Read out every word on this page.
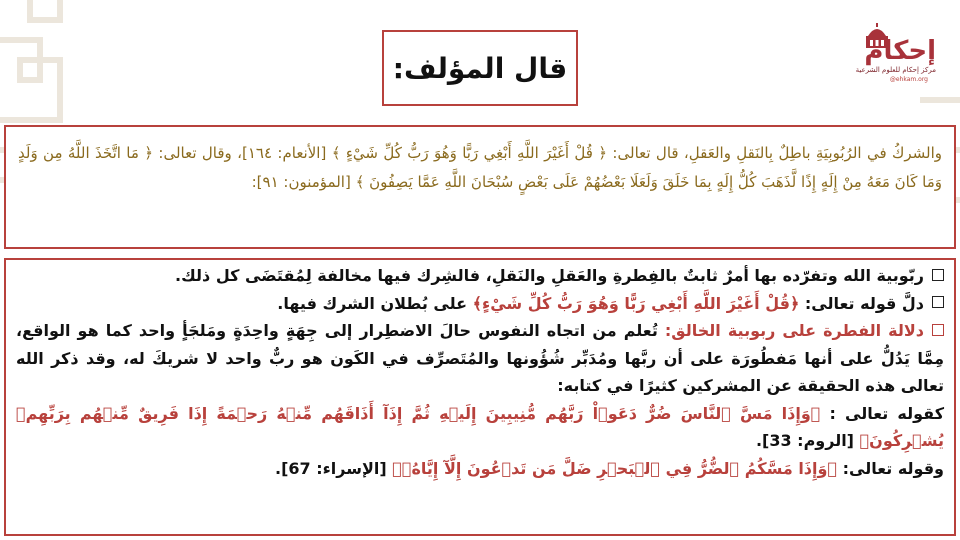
إحكام
مركز إحكام للعلوم الشرعية
@ehkam.org
قال المؤلف:

والشركُ في الرُبُوبِيَةِ باطِلٌ بِالنَقلِ والعَقلِ، قال تعالى: ﴿ قُلْ أَغَيْرَ اللَّهِ أَبْغِي رَبًّا وَهُوَ رَبُّ كُلِّ شَيْءٍ ﴾ [الأنعام: ١٦٤]، وقال تعالى: ﴿ مَا اتَّخَذَ اللَّهُ مِن وَلَدٍ وَمَا كَانَ مَعَهُ مِنْ إِلَهٍ إِذًا لَّذَهَبَ كُلُّ إِلَهٍ بِمَا خَلَقَ وَلَعَلَا بَعْضُهُمْ عَلَى بَعْضٍ سُبْحَانَ اللَّهِ عَمَّا يَصِفُونَ ﴾ [المؤمنون: ٩١]:

ربّوبية الله وتفرّده بها أمرٌ ثابتٌ بالفِطرةِ والعَقلِ والنَقلِ، فالشِرك فيها مخالفة لِمُقتَضَى كل ذلك.

دلَّ قوله تعالى: ﴿قُلْ أَغَيْرَ اللَّهِ أَبْغِي رَبًّا وَهُوَ رَبُّ كُلِّ شَيْءٍ﴾ على بُطلان الشرك فيها.

دلالة الفطرة على ربوبية الخالق: تُعلم من اتجاه النفوس حالَ الاضطِرار إلى جِهَةٍ واحِدَةٍ ومَلجَأٍ واحد كما هو الواقع، مِمَّا يَدُلُّ على أنها مَفطُورَة على أن ربَّها ومُدَبِّر شُؤُونها والمُتَصرِّف في الكَون هو ربٌّ واحد لا شريكَ له، وقد ذكر الله تعالى هذه الحقيقة عن المشركين كثيرًا في كتابه:

كقوله تعالى : ﴿وَإِذَا مَسَّ ٱلنَّاسَ ضُرٌّ دَعَوۡاْ رَبَّهُم مُّنِيبِينَ إِلَيۡهِ ثُمَّ إِذَآ أَذَاقَهُم مِّنۡهُ رَحۡمَةً إِذَا فَرِيقٌ مِّنۡهُم بِرَبِّهِمۡ يُشۡرِكُونَ﴾ [الروم: 33].

وقوله تعالى: ﴿وَإِذَا مَسَّكُمُ ٱلضُّرُّ فِي ٱلۡبَحۡرِ ضَلَّ مَن تَدۡعُونَ إِلَّآ إِيَّاهُۖ﴾ [الإسراء: 67].
